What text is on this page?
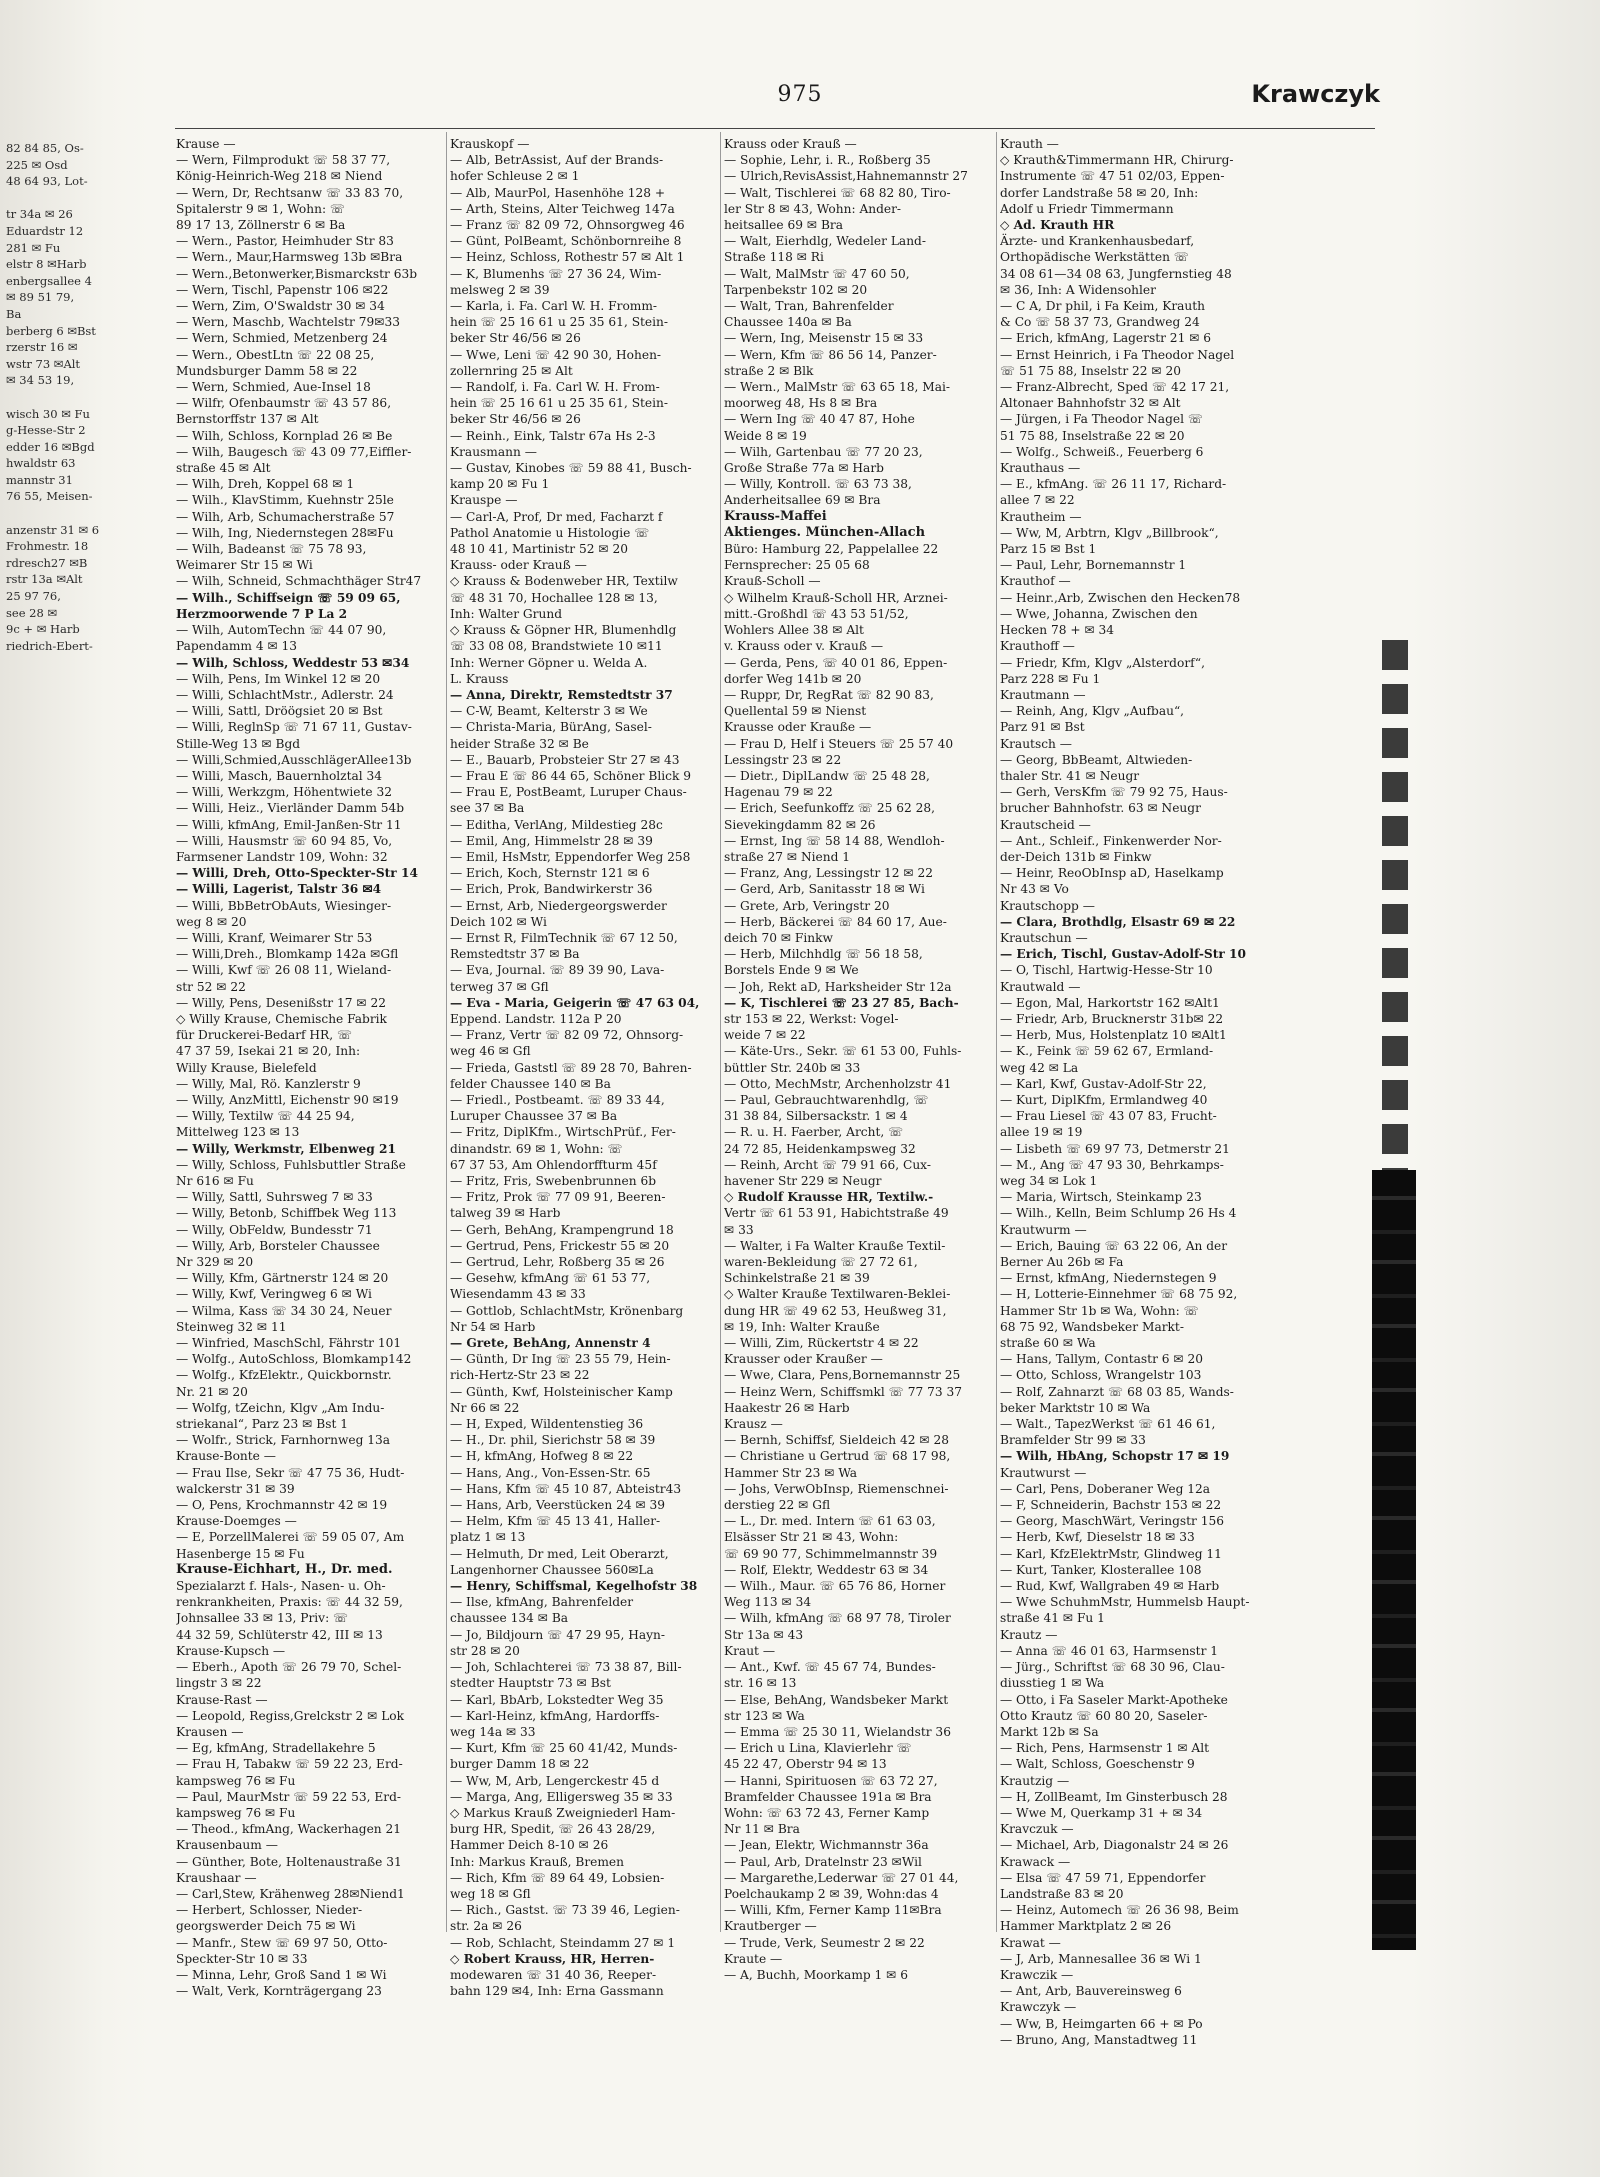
82 84 85, Os-
225 ✉ Osd
48 64 93, Lot-

tr 34a ✉ 26
Eduardstr 12
281 ✉ Fu
elstr 8 ✉Harb
enbergsallee 4
✉ 89 51 79,
Ba
berberg 6 ✉Bst
rzerstr 16 ✉
wstr 73 ✉Alt
✉ 34 53 19,

wisch 30 ✉ Fu
g-Hesse-Str 2
edder 16 ✉Bgd
hwaldstr 63
mannstr 31
76 55, Meisen-

anzenstr 31 ✉ 6
Frohmestr. 18
rdresch27 ✉B
rstr 13a ✉Alt
25 97 76,
see 28 ✉
9c + ✉ Harb
riedrich-Ebert-
975	Krawczyk
Krause —
— Wern, Filmprodukt ☏ 58 37 77,
König-Heinrich-Weg 218 ✉ Niend
— Wern, Dr, Rechtsanw ☏ 33 83 70,
Spitalerstr 9 ✉ 1, Wohn: ☏
89 17 13, Zöllnerstr 6 ✉ Ba
— Wern., Pastor, Heimhuder Str 83
— Wern., Maur,Harmsweg 13b ✉Bra
— Wern.,Betonwerker,Bismarckstr 63b
— Wern, Tischl, Papenstr 106 ✉22
— Wern, Zim, O'Swaldstr 30 ✉ 34
— Wern, Maschb, Wachtelstr 79✉33
— Wern, Schmied, Metzenberg 24
— Wern., ObestLtn ☏ 22 08 25,
Mundsburger Damm 58 ✉ 22
— Wern, Schmied, Aue-Insel 18
— Wilfr, Ofenbaumstr ☏ 43 57 86,
Bernstorffstr 137 ✉ Alt
— Wilh, Schloss, Kornplad 26 ✉ Be
— Wilh, Baugesch ☏ 43 09 77,Eiffler-
straße 45 ✉ Alt
— Wilh, Dreh, Koppel 68 ✉ 1
— Wilh., KlavStimm, Kuehnstr 25le
— Wilh, Arb, Schumacherstraße 57
— Wilh, Ing, Niedernstegen 28✉Fu
— Wilh, Badeanst ☏ 75 78 93,
Weimarer Str 15 ✉ Wi
— Wilh, Schneid, Schmachthäger Str47
— Wilh., Schiffseign ☏ 59 09 65,
Herzmoorwende 7 P La 2
— Wilh, AutomTechn ☏ 44 07 90,
Papendamm 4 ✉ 13
— Wilh, Schloss, Weddestr 53 ✉34
— Wilh, Pens, Im Winkel 12 ✉ 20
— Willi, SchlachtMstr., Adlerstr. 24
— Willi, Sattl, Dröögsiet 20 ✉ Bst
— Willi, ReglnSp ☏ 71 67 11, Gustav-
Stille-Weg 13 ✉ Bgd
— Willi,Schmied,AusschlägerAllee13b
— Willi, Masch, Bauernholztal 34
— Willi, Werkzgm, Höhentwiete 32
— Willi, Heiz., Vierländer Damm 54b
— Willi, kfmAng, Emil-Janßen-Str 11
— Willi, Hausmstr ☏ 60 94 85, Vo,
Farmsener Landstr 109, Wohn: 32
— Willi, Dreh, Otto-Speckter-Str 14
— Willi, Lagerist, Talstr 36 ✉4
— Willi, BbBetrObAuts, Wiesinger-
weg 8 ✉ 20
— Willi, Kranf, Weimarer Str 53
— Willi,Dreh., Blomkamp 142a ✉Gfl
— Willi, Kwf ☏ 26 08 11, Wieland-
str 52 ✉ 22
— Willy, Pens, Desenißstr 17 ✉ 22
◇ Willy Krause, Chemische Fabrik
für Druckerei-Bedarf HR, ☏
47 37 59, Isekai 21 ✉ 20, Inh:
Willy Krause, Bielefeld
— Willy, Mal, Rö. Kanzlerstr 9
— Willy, AnzMittl, Eichenstr 90 ✉19
— Willy, Textilw ☏ 44 25 94,
Mittelweg 123 ✉ 13
— Willy, Werkmstr, Elbenweg 21
— Willy, Schloss, Fuhlsbuttler Straße
Nr 616 ✉ Fu
— Willy, Sattl, Suhrsweg 7 ✉ 33
— Willy, Betonb, Schiffbek Weg 113
— Willy, ObFeldw, Bundesstr 71
— Willy, Arb, Borsteler Chaussee
Nr 329 ✉ 20
— Willy, Kfm, Gärtnerstr 124 ✉ 20
— Willy, Kwf, Veringweg 6 ✉ Wi
— Wilma, Kass ☏ 34 30 24, Neuer
Steinweg 32 ✉ 11
— Winfried, MaschSchl, Fährstr 101
— Wolfg., AutoSchloss, Blomkamp142
— Wolfg., KfzElektr., Quickbornstr.
Nr. 21 ✉ 20
— Wolfg, tZeichn, Klgv „Am Indu-
striekanal“, Parz 23 ✉ Bst 1
— Wolfr., Strick, Farnhornweg 13a
Krause-Bonte —
— Frau Ilse, Sekr ☏ 47 75 36, Hudt-
walckerstr 31 ✉ 39
— O, Pens, Krochmannstr 42 ✉ 19
Krause-Doemges —
— E, PorzellMalerei ☏ 59 05 07, Am
Hasenberge 15 ✉ Fu
Krause-Eichhart, H., Dr. med.
Spezialarzt f. Hals-, Nasen- u. Oh-
renkrankheiten, Praxis: ☏ 44 32 59,
Johnsallee 33 ✉ 13, Priv: ☏
44 32 59, Schlüterstr 42, III ✉ 13
Krause-Kupsch —
— Eberh., Apoth ☏ 26 79 70, Schel-
lingstr 3 ✉ 22
Krause-Rast —
— Leopold, Regiss,Grelckstr 2 ✉ Lok
Krausen —
— Eg, kfmAng, Stradellakehre 5
— Frau H, Tabakw ☏ 59 22 23, Erd-
kampsweg 76 ✉ Fu
— Paul, MaurMstr ☏ 59 22 53, Erd-
kampsweg 76 ✉ Fu
— Theod., kfmAng, Wackerhagen 21
Krausenbaum —
— Günther, Bote, Holtenaustraße 31
Kraushaar —
— Carl,Stew, Krähenweg 28✉Niend1
— Herbert, Schlosser, Nieder-
georgswerder Deich 75 ✉ Wi
— Manfr., Stew ☏ 69 97 50, Otto-
Speckter-Str 10 ✉ 33
— Minna, Lehr, Groß Sand 1 ✉ Wi
— Walt, Verk, Kornträgergang 23
Krauskopf —
— Alb, BetrAssist, Auf der Brands-
hofer Schleuse 2 ✉ 1
— Alb, MaurPol, Hasenhöhe 128 +
— Arth, Steins, Alter Teichweg 147a
— Franz ☏ 82 09 72, Ohnsorgweg 46
— Günt, PolBeamt, Schönbornreihe 8
— Heinz, Schloss, Rothestr 57 ✉ Alt 1
— K, Blumenhs ☏ 27 36 24, Wim-
melsweg 2 ✉ 39
— Karla, i. Fa. Carl W. H. Fromm-
hein ☏ 25 16 61 u 25 35 61, Stein-
beker Str 46/56 ✉ 26
— Wwe, Leni ☏ 42 90 30, Hohen-
zollernring 25 ✉ Alt
— Randolf, i. Fa. Carl W. H. From-
hein ☏ 25 16 61 u 25 35 61, Stein-
beker Str 46/56 ✉ 26
— Reinh., Eink, Talstr 67a Hs 2-3
Krausmann —
— Gustav, Kinobes ☏ 59 88 41, Busch-
kamp 20 ✉ Fu 1
Krauspe —
— Carl-A, Prof, Dr med, Facharzt f
Pathol Anatomie u Histologie ☏
48 10 41, Martinistr 52 ✉ 20
Krauss- oder Krauß —
◇ Krauss & Bodenweber HR, Textilw
☏ 48 31 70, Hochallee 128 ✉ 13,
Inh: Walter Grund
◇ Krauss & Göpner HR, Blumenhdlg
☏ 33 08 08, Brandstwiete 10 ✉11
Inh: Werner Göpner u. Welda A.
L. Krauss
— Anna, Direktr, Remstedtstr 37
— C-W, Beamt, Kelterstr 3 ✉ We
— Christa-Maria, BürAng, Sasel-
heider Straße 32 ✉ Be
— E., Bauarb, Probsteier Str 27 ✉ 43
— Frau E ☏ 86 44 65, Schöner Blick 9
— Frau E, PostBeamt, Luruper Chaus-
see 37 ✉ Ba
— Editha, VerlAng, Mildestieg 28c
— Emil, Ang, Himmelstr 28 ✉ 39
— Emil, HsMstr, Eppendorfer Weg 258
— Erich, Koch, Sternstr 121 ✉ 6
— Erich, Prok, Bandwirkerstr 36
— Ernst, Arb, Niedergeorgswerder
Deich 102 ✉ Wi
— Ernst R, FilmTechnik ☏ 67 12 50,
Remstedtstr 37 ✉ Ba
— Eva, Journal. ☏ 89 39 90, Lava-
terweg 37 ✉ Gfl
— Eva - Maria, Geigerin ☏ 47 63 04,
Eppend. Landstr. 112a P 20
— Franz, Vertr ☏ 82 09 72, Ohnsorg-
weg 46 ✉ Gfl
— Frieda, Gaststl ☏ 89 28 70, Bahren-
felder Chaussee 140 ✉ Ba
— Friedl., Postbeamt. ☏ 89 33 44,
Luruper Chaussee 37 ✉ Ba
— Fritz, DiplKfm., WirtschPrüf., Fer-
dinandstr. 69 ✉ 1, Wohn: ☏
67 37 53, Am Ohlendorffturm 45f
— Fritz, Fris, Swebenbrunnen 6b
— Fritz, Prok ☏ 77 09 91, Beeren-
talweg 39 ✉ Harb
— Gerh, BehAng, Krampengrund 18
— Gertrud, Pens, Frickestr 55 ✉ 20
— Gertrud, Lehr, Roßberg 35 ✉ 26
— Gesehw, kfmAng ☏ 61 53 77,
Wiesendamm 43 ✉ 33
— Gottlob, SchlachtMstr, Krönenbarg
Nr 54 ✉ Harb
— Grete, BehAng, Annenstr 4
— Günth, Dr Ing ☏ 23 55 79, Hein-
rich-Hertz-Str 23 ✉ 22
— Günth, Kwf, Holsteinischer Kamp
Nr 66 ✉ 22
— H, Exped, Wildentenstieg 36
— H., Dr. phil, Sierichstr 58 ✉ 39
— H, kfmAng, Hofweg 8 ✉ 22
— Hans, Ang., Von-Essen-Str. 65
— Hans, Kfm ☏ 45 10 87, Abteistr43
— Hans, Arb, Veerstücken 24 ✉ 39
— Helm, Kfm ☏ 45 13 41, Haller-
platz 1 ✉ 13
— Helmuth, Dr med, Leit Oberarzt,
Langenhorner Chaussee 560✉La
— Henry, Schiffsmal, Kegelhofstr 38
— Ilse, kfmAng, Bahrenfelder
chaussee 134 ✉ Ba
— Jo, Bildjourn ☏ 47 29 95, Hayn-
str 28 ✉ 20
— Joh, Schlachterei ☏ 73 38 87, Bill-
stedter Hauptstr 73 ✉ Bst
— Karl, BbArb, Lokstedter Weg 35
— Karl-Heinz, kfmAng, Hardorffs-
weg 14a ✉ 33
— Kurt, Kfm ☏ 25 60 41/42, Munds-
burger Damm 18 ✉ 22
— Ww, M, Arb, Lengerckestr 45 d
— Marga, Ang, Elligersweg 35 ✉ 33
◇ Markus Krauß Zweigniederl Ham-
burg HR, Spedit, ☏ 26 43 28/29,
Hammer Deich 8-10 ✉ 26
Inh: Markus Krauß, Bremen
— Rich, Kfm ☏ 89 64 49, Lobsien-
weg 18 ✉ Gfl
— Rich., Gastst. ☏ 73 39 46, Legien-
str. 2a ✉ 26
— Rob, Schlacht, Steindamm 27 ✉ 1
◇ Robert Krauss, HR, Herren-
modewaren ☏ 31 40 36, Reeper-
bahn 129 ✉4, Inh: Erna Gassmann
Krauss oder Krauß —
— Sophie, Lehr, i. R., Roßberg 35
— Ulrich,RevisAssist,Hahnemannstr 27
— Walt, Tischlerei ☏ 68 82 80, Tiro-
ler Str 8 ✉ 43, Wohn: Ander-
heitsallee 69 ✉ Bra
— Walt, Eierhdlg, Wedeler Land-
Straße 118 ✉ Ri
— Walt, MalMstr ☏ 47 60 50,
Tarpenbekstr 102 ✉ 20
— Walt, Tran, Bahrenfelder
Chaussee 140a ✉ Ba
— Wern, Ing, Meisenstr 15 ✉ 33
— Wern, Kfm ☏ 86 56 14, Panzer-
straße 2 ✉ Blk
— Wern., MalMstr ☏ 63 65 18, Mai-
moorweg 48, Hs 8 ✉ Bra
— Wern Ing ☏ 40 47 87, Hohe
Weide 8 ✉ 19
— Wilh, Gartenbau ☏ 77 20 23,
Große Straße 77a ✉ Harb
— Willy, Kontroll. ☏ 63 73 38,
Anderheitsallee 69 ✉ Bra
Krauss-Maffei
Aktienges. München-Allach
Büro: Hamburg 22, Pappelallee 22
Fernsprecher: 25 05 68
Krauß-Scholl —
◇ Wilhelm Krauß-Scholl HR, Arznei-
mitt.-Großhdl ☏ 43 53 51/52,
Wohlers Allee 38 ✉ Alt
v. Krauss oder v. Krauß —
— Gerda, Pens, ☏ 40 01 86, Eppen-
dorfer Weg 141b ✉ 20
— Ruppr, Dr, RegRat ☏ 82 90 83,
Quellental 59 ✉ Nienst
Krausse oder Krauße —
— Frau D, Helf i Steuers ☏ 25 57 40
Lessingstr 23 ✉ 22
— Dietr., DiplLandw ☏ 25 48 28,
Hagenau 79 ✉ 22
— Erich, Seefunkoffz ☏ 25 62 28,
Sievekingdamm 82 ✉ 26
— Ernst, Ing ☏ 58 14 88, Wendloh-
straße 27 ✉ Niend 1
— Franz, Ang, Lessingstr 12 ✉ 22
— Gerd, Arb, Sanitasstr 18 ✉ Wi
— Grete, Arb, Veringstr 20
— Herb, Bäckerei ☏ 84 60 17, Aue-
deich 70 ✉ Finkw
— Herb, Milchhdlg ☏ 56 18 58,
Borstels Ende 9 ✉ We
— Joh, Rekt aD, Harksheider Str 12a
— K, Tischlerei ☏ 23 27 85, Bach-
str 153 ✉ 22, Werkst: Vogel-
weide 7 ✉ 22
— Käte-Urs., Sekr. ☏ 61 53 00, Fuhls-
büttler Str. 240b ✉ 33
— Otto, MechMstr, Archenholzstr 41
— Paul, Gebrauchtwarenhdlg, ☏
31 38 84, Silbersackstr. 1 ✉ 4
— R. u. H. Faerber, Archt, ☏
24 72 85, Heidenkampsweg 32
— Reinh, Archt ☏ 79 91 66, Cux-
havener Str 229 ✉ Neugr
◇ Rudolf Krausse HR, Textilw.-
Vertr ☏ 61 53 91, Habichtstraße 49
✉ 33
— Walter, i Fa Walter Krauße Textil-
waren-Bekleidung ☏ 27 72 61,
Schinkelstraße 21 ✉ 39
◇ Walter Krauße Textilwaren-Beklei-
dung HR ☏ 49 62 53, Heußweg 31,
✉ 19, Inh: Walter Krauße
— Willi, Zim, Rückertstr 4 ✉ 22
Krausser oder Kraußer —
— Wwe, Clara, Pens,Bornemannstr 25
— Heinz Wern, Schiffsmkl ☏ 77 73 37
Haakestr 26 ✉ Harb
Krausz —
— Bernh, Schiffsf, Sieldeich 42 ✉ 28
— Christiane u Gertrud ☏ 68 17 98,
Hammer Str 23 ✉ Wa
— Johs, VerwObInsp, Riemenschnei-
derstieg 22 ✉ Gfl
— L., Dr. med. Intern ☏ 61 63 03,
Elsässer Str 21 ✉ 43, Wohn:
☏ 69 90 77, Schimmelmannstr 39
— Rolf, Elektr, Weddestr 63 ✉ 34
— Wilh., Maur. ☏ 65 76 86, Horner
Weg 113 ✉ 34
— Wilh, kfmAng ☏ 68 97 78, Tiroler
Str 13a ✉ 43
Kraut —
— Ant., Kwf. ☏ 45 67 74, Bundes-
str. 16 ✉ 13
— Else, BehAng, Wandsbeker Markt
str 123 ✉ Wa
— Emma ☏ 25 30 11, Wielandstr 36
— Erich u Lina, Klavierlehr ☏
45 22 47, Oberstr 94 ✉ 13
— Hanni, Spirituosen ☏ 63 72 27,
Bramfelder Chaussee 191a ✉ Bra
Wohn: ☏ 63 72 43, Ferner Kamp
Nr 11 ✉ Bra
— Jean, Elektr, Wichmannstr 36a
— Paul, Arb, Dratelnstr 23 ✉Wil
— Margarethe,Lederwar ☏ 27 01 44,
Poelchaukamp 2 ✉ 39, Wohn:das 4
— Willi, Kfm, Ferner Kamp 11✉Bra
Krautberger —
— Trude, Verk, Seumestr 2 ✉ 22
Kraute —
— A, Buchh, Moorkamp 1 ✉ 6
Krauth —
◇ Krauth&Timmermann HR, Chirurg-
Instrumente ☏ 47 51 02/03, Eppen-
dorfer Landstraße 58 ✉ 20, Inh:
Adolf u Friedr Timmermann
◇ Ad. Krauth HR
Ärzte- und Krankenhausbedarf,
Orthopädische Werkstätten ☏
34 08 61—34 08 63, Jungfernstieg 48
✉ 36, Inh: A Widensohler
— C A, Dr phil, i Fa Keim, Krauth
& Co ☏ 58 37 73, Grandweg 24
— Erich, kfmAng, Lagerstr 21 ✉ 6
— Ernst Heinrich, i Fa Theodor Nagel
☏ 51 75 88, Inselstr 22 ✉ 20
— Franz-Albrecht, Sped ☏ 42 17 21,
Altonaer Bahnhofstr 32 ✉ Alt
— Jürgen, i Fa Theodor Nagel ☏
51 75 88, Inselstraße 22 ✉ 20
— Wolfg., Schweiß., Feuerberg 6
Krauthaus —
— E., kfmAng. ☏ 26 11 17, Richard-
allee 7 ✉ 22
Krautheim —
— Ww, M, Arbtrn, Klgv „Billbrook“,
Parz 15 ✉ Bst 1
— Paul, Lehr, Bornemannstr 1
Krauthof —
— Heinr.,Arb, Zwischen den Hecken78
— Wwe, Johanna, Zwischen den
Hecken 78 + ✉ 34
Krauthoff —
— Friedr, Kfm, Klgv „Alsterdorf“,
Parz 228 ✉ Fu 1
Krautmann —
— Reinh, Ang, Klgv „Aufbau“,
Parz 91 ✉ Bst
Krautsch —
— Georg, BbBeamt, Altwieden-
thaler Str. 41 ✉ Neugr
— Gerh, VersKfm ☏ 79 92 75, Haus-
brucher Bahnhofstr. 63 ✉ Neugr
Krautscheid —
— Ant., Schleif., Finkenwerder Nor-
der-Deich 131b ✉ Finkw
— Heinr, ReoObInsp aD, Haselkamp
Nr 43 ✉ Vo
Krautschopp —
— Clara, Brothdlg, Elsastr 69 ✉ 22
Krautschun —
— Erich, Tischl, Gustav-Adolf-Str 10
— O, Tischl, Hartwig-Hesse-Str 10
Krautwald —
— Egon, Mal, Harkortstr 162 ✉Alt1
— Friedr, Arb, Brucknerstr 31b✉ 22
— Herb, Mus, Holstenplatz 10 ✉Alt1
— K., Feink ☏ 59 62 67, Ermland-
weg 42 ✉ La
— Karl, Kwf, Gustav-Adolf-Str 22,
— Kurt, DiplKfm, Ermlandweg 40
— Frau Liesel ☏ 43 07 83, Frucht-
allee 19 ✉ 19
— Lisbeth ☏ 69 97 73, Detmerstr 21
— M., Ang ☏ 47 93 30, Behrkamps-
weg 34 ✉ Lok 1
— Maria, Wirtsch, Steinkamp 23
— Wilh., Kelln, Beim Schlump 26 Hs 4
Krautwurm —
— Erich, Bauing ☏ 63 22 06, An der
Berner Au 26b ✉ Fa
— Ernst, kfmAng, Niedernstegen 9
— H, Lotterie-Einnehmer ☏ 68 75 92,
Hammer Str 1b ✉ Wa, Wohn: ☏
68 75 92, Wandsbeker Markt-
straße 60 ✉ Wa
— Hans, Tallym, Contastr 6 ✉ 20
— Otto, Schloss, Wrangelstr 103
— Rolf, Zahnarzt ☏ 68 03 85, Wands-
beker Marktstr 10 ✉ Wa
— Walt., TapezWerkst ☏ 61 46 61,
Bramfelder Str 99 ✉ 33
— Wilh, HbAng, Schopstr 17 ✉ 19
Krautwurst —
— Carl, Pens, Doberaner Weg 12a
— F, Schneiderin, Bachstr 153 ✉ 22
— Georg, MaschWärt, Veringstr 156
— Herb, Kwf, Dieselstr 18 ✉ 33
— Karl, KfzElektrMstr, Glindweg 11
— Kurt, Tanker, Klosterallee 108
— Rud, Kwf, Wallgraben 49 ✉ Harb
— Wwe SchuhmMstr, Hummelsb Haupt-
straße 41 ✉ Fu 1
Krautz —
— Anna ☏ 46 01 63, Harmsenstr 1
— Jürg., Schriftst ☏ 68 30 96, Clau-
diusstieg 1 ✉ Wa
— Otto, i Fa Saseler Markt-Apotheke
Otto Krautz ☏ 60 80 20, Saseler-
Markt 12b ✉ Sa
— Rich, Pens, Harmsenstr 1 ✉ Alt
— Walt, Schloss, Goeschenstr 9
Krautzig —
— H, ZollBeamt, Im Ginsterbusch 28
— Wwe M, Querkamp 31 + ✉ 34
Kravczuk —
— Michael, Arb, Diagonalstr 24 ✉ 26
Krawack —
— Elsa ☏ 47 59 71, Eppendorfer
Landstraße 83 ✉ 20
— Heinz, Automech ☏ 26 36 98, Beim
Hammer Marktplatz 2 ✉ 26
Krawat —
— J, Arb, Mannesallee 36 ✉ Wi 1
Krawczik —
— Ant, Arb, Bauvereinsweg 6
Krawczyk —
— Ww, B, Heimgarten 66 + ✉ Po
— Bruno, Ang, Manstadtweg 11
